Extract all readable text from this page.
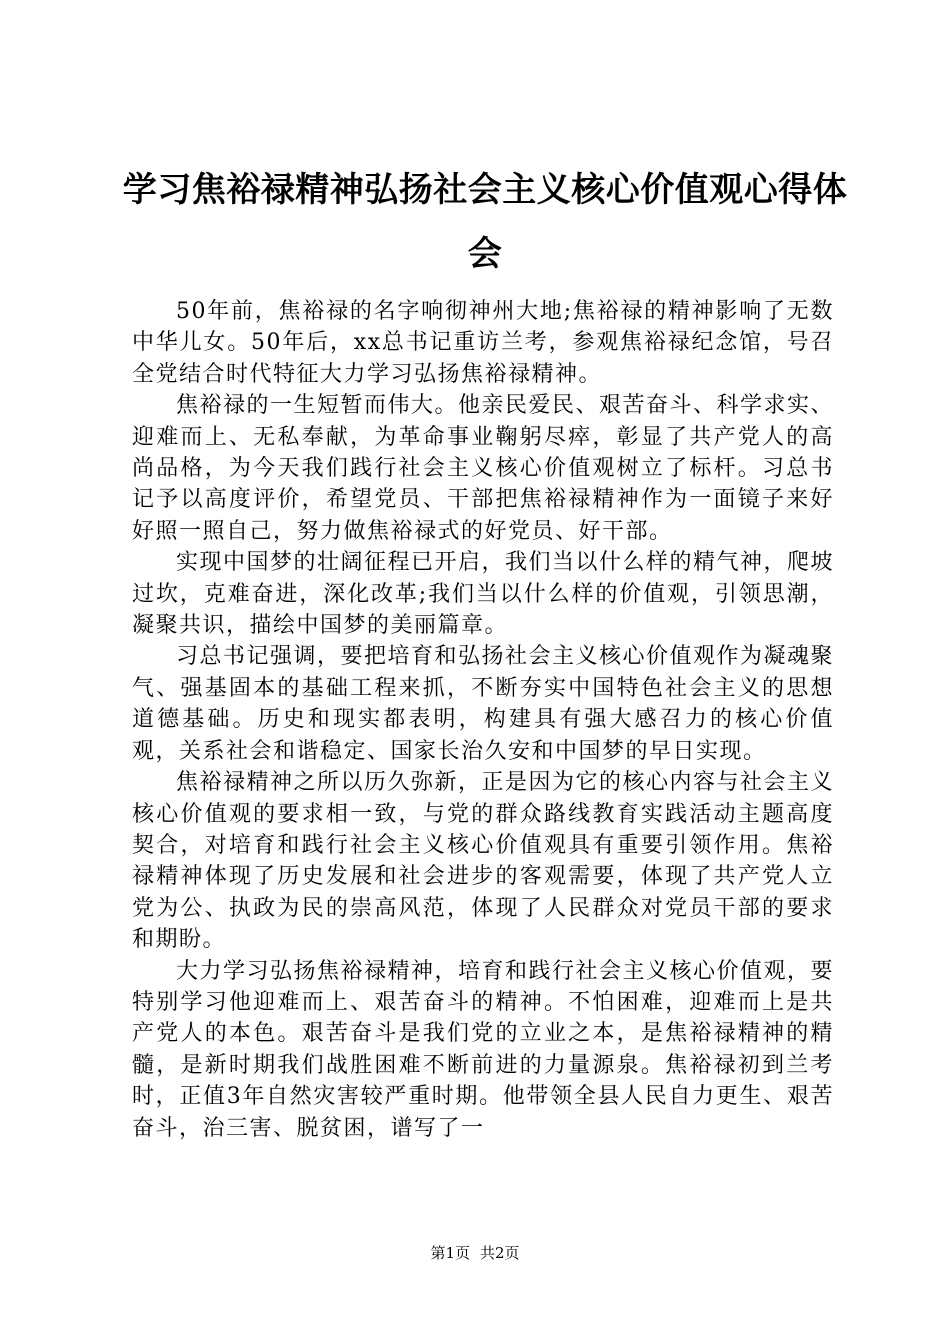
学习焦裕禄精神弘扬社会主义核心价值观心得体会

50年前，焦裕禄的名字响彻神州大地;焦裕禄的精神影响了无数中华儿女。50年后，xx总书记重访兰考，参观焦裕禄纪念馆，号召全党结合时代特征大力学习弘扬焦裕禄精神。

焦裕禄的一生短暂而伟大。他亲民爱民、艰苦奋斗、科学求实、迎难而上、无私奉献，为革命事业鞠躬尽瘁，彰显了共产党人的高尚品格，为今天我们践行社会主义核心价值观树立了标杆。习总书记予以高度评价，希望党员、干部把焦裕禄精神作为一面镜子来好好照一照自己，努力做焦裕禄式的好党员、好干部。

实现中国梦的壮阔征程已开启，我们当以什么样的精气神，爬坡过坎，克难奋进，深化改革;我们当以什么样的价值观，引领思潮，凝聚共识，描绘中国梦的美丽篇章。

习总书记强调，要把培育和弘扬社会主义核心价值观作为凝魂聚气、强基固本的基础工程来抓，不断夯实中国特色社会主义的思想道德基础。历史和现实都表明，构建具有强大感召力的核心价值观，关系社会和谐稳定、国家长治久安和中国梦的早日实现。

焦裕禄精神之所以历久弥新，正是因为它的核心内容与社会主义核心价值观的要求相一致，与党的群众路线教育实践活动主题高度契合，对培育和践行社会主义核心价值观具有重要引领作用。焦裕禄精神体现了历史发展和社会进步的客观需要，体现了共产党人立党为公、执政为民的崇高风范，体现了人民群众对党员干部的要求和期盼。

大力学习弘扬焦裕禄精神，培育和践行社会主义核心价值观，要特别学习他迎难而上、艰苦奋斗的精神。不怕困难，迎难而上是共产党人的本色。艰苦奋斗是我们党的立业之本，是焦裕禄精神的精髓，是新时期我们战胜困难不断前进的力量源泉。焦裕禄初到兰考时，正值3年自然灾害较严重时期。他带领全县人民自力更生、艰苦奋斗，治三害、脱贫困，谱写了一

第1页 共2页
